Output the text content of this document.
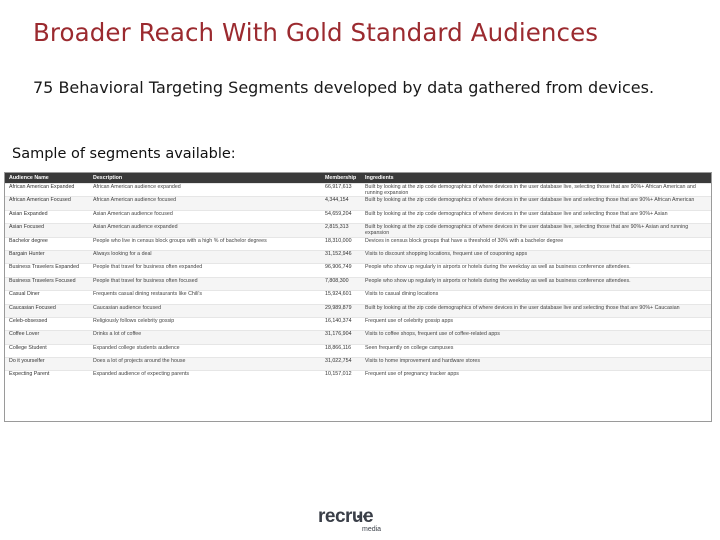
Broader Reach With Gold Standard Audiences
75 Behavioral Targeting Segments developed by data gathered from devices.
Sample of segments available:
Audience Name	Description	Membership	Ingredients
African American Expanded	African American audience expanded	66,917,613	Built by looking at the zip code demographics of where devices in the user database live, selecting those that are 90%+ African American and running expansion
African American Focused	African American audience focused	4,344,154	Built by looking at the zip code demographics of where devices in the user database live and selecting those that are 90%+ African American
Asian Expanded	Asian American audience focused	54,659,204	Built by looking at the zip code demographics of where devices in the user database live and selecting those that are 90%+ Asian
Asian Focused	Asian American audience expanded	2,815,313	Built by looking at the zip code demographics of where devices in the user database live, selecting those that are 90%+ Asian and running expansion
Bachelor degree	People who live in census block groups with a high % of bachelor degrees	18,310,000	Devices in census block groups that have a threshold of 30% with a bachelor degree
Bargain Hunter	Always looking for a deal	31,152,946	Visits to discount shopping locations, frequent use of couponing apps
Business Travelers Expanded	People that travel for business often expanded	96,906,749	People who show up regularly in airports or hotels during the weekday as well as business conference attendees.
Business Travelers Focused	People that travel for business often focused	7,808,300	People who show up regularly in airports or hotels during the weekday as well as business conference attendees.
Casual Diner	Frequents casual dining restaurants like Chili's	15,924,601	Visits to casual dining locations
Caucasian Focused	Caucasian audience focused	29,989,879	Built by looking at the zip code demographics of where devices in the user database live and selecting those that are 90%+ Caucasian
Celeb-obsessed	Religiously follows celebrity gossip	16,140,374	Frequent use of celebrity gossip apps
Coffee Lover	Drinks a lot of coffee	31,176,904	Visits to coffee shops, frequent use of coffee-related apps
College Student	Expanded college students audience	18,866,116	Seen frequently on college campuses
Do it yourselfer	Does a lot of projects around the house	31,022,754	Visits to home improvement and hardware stores
Expecting Parent	Expanded audience of expecting parents	10,157,012	Frequent use of pregnancy tracker apps
recrue
media
